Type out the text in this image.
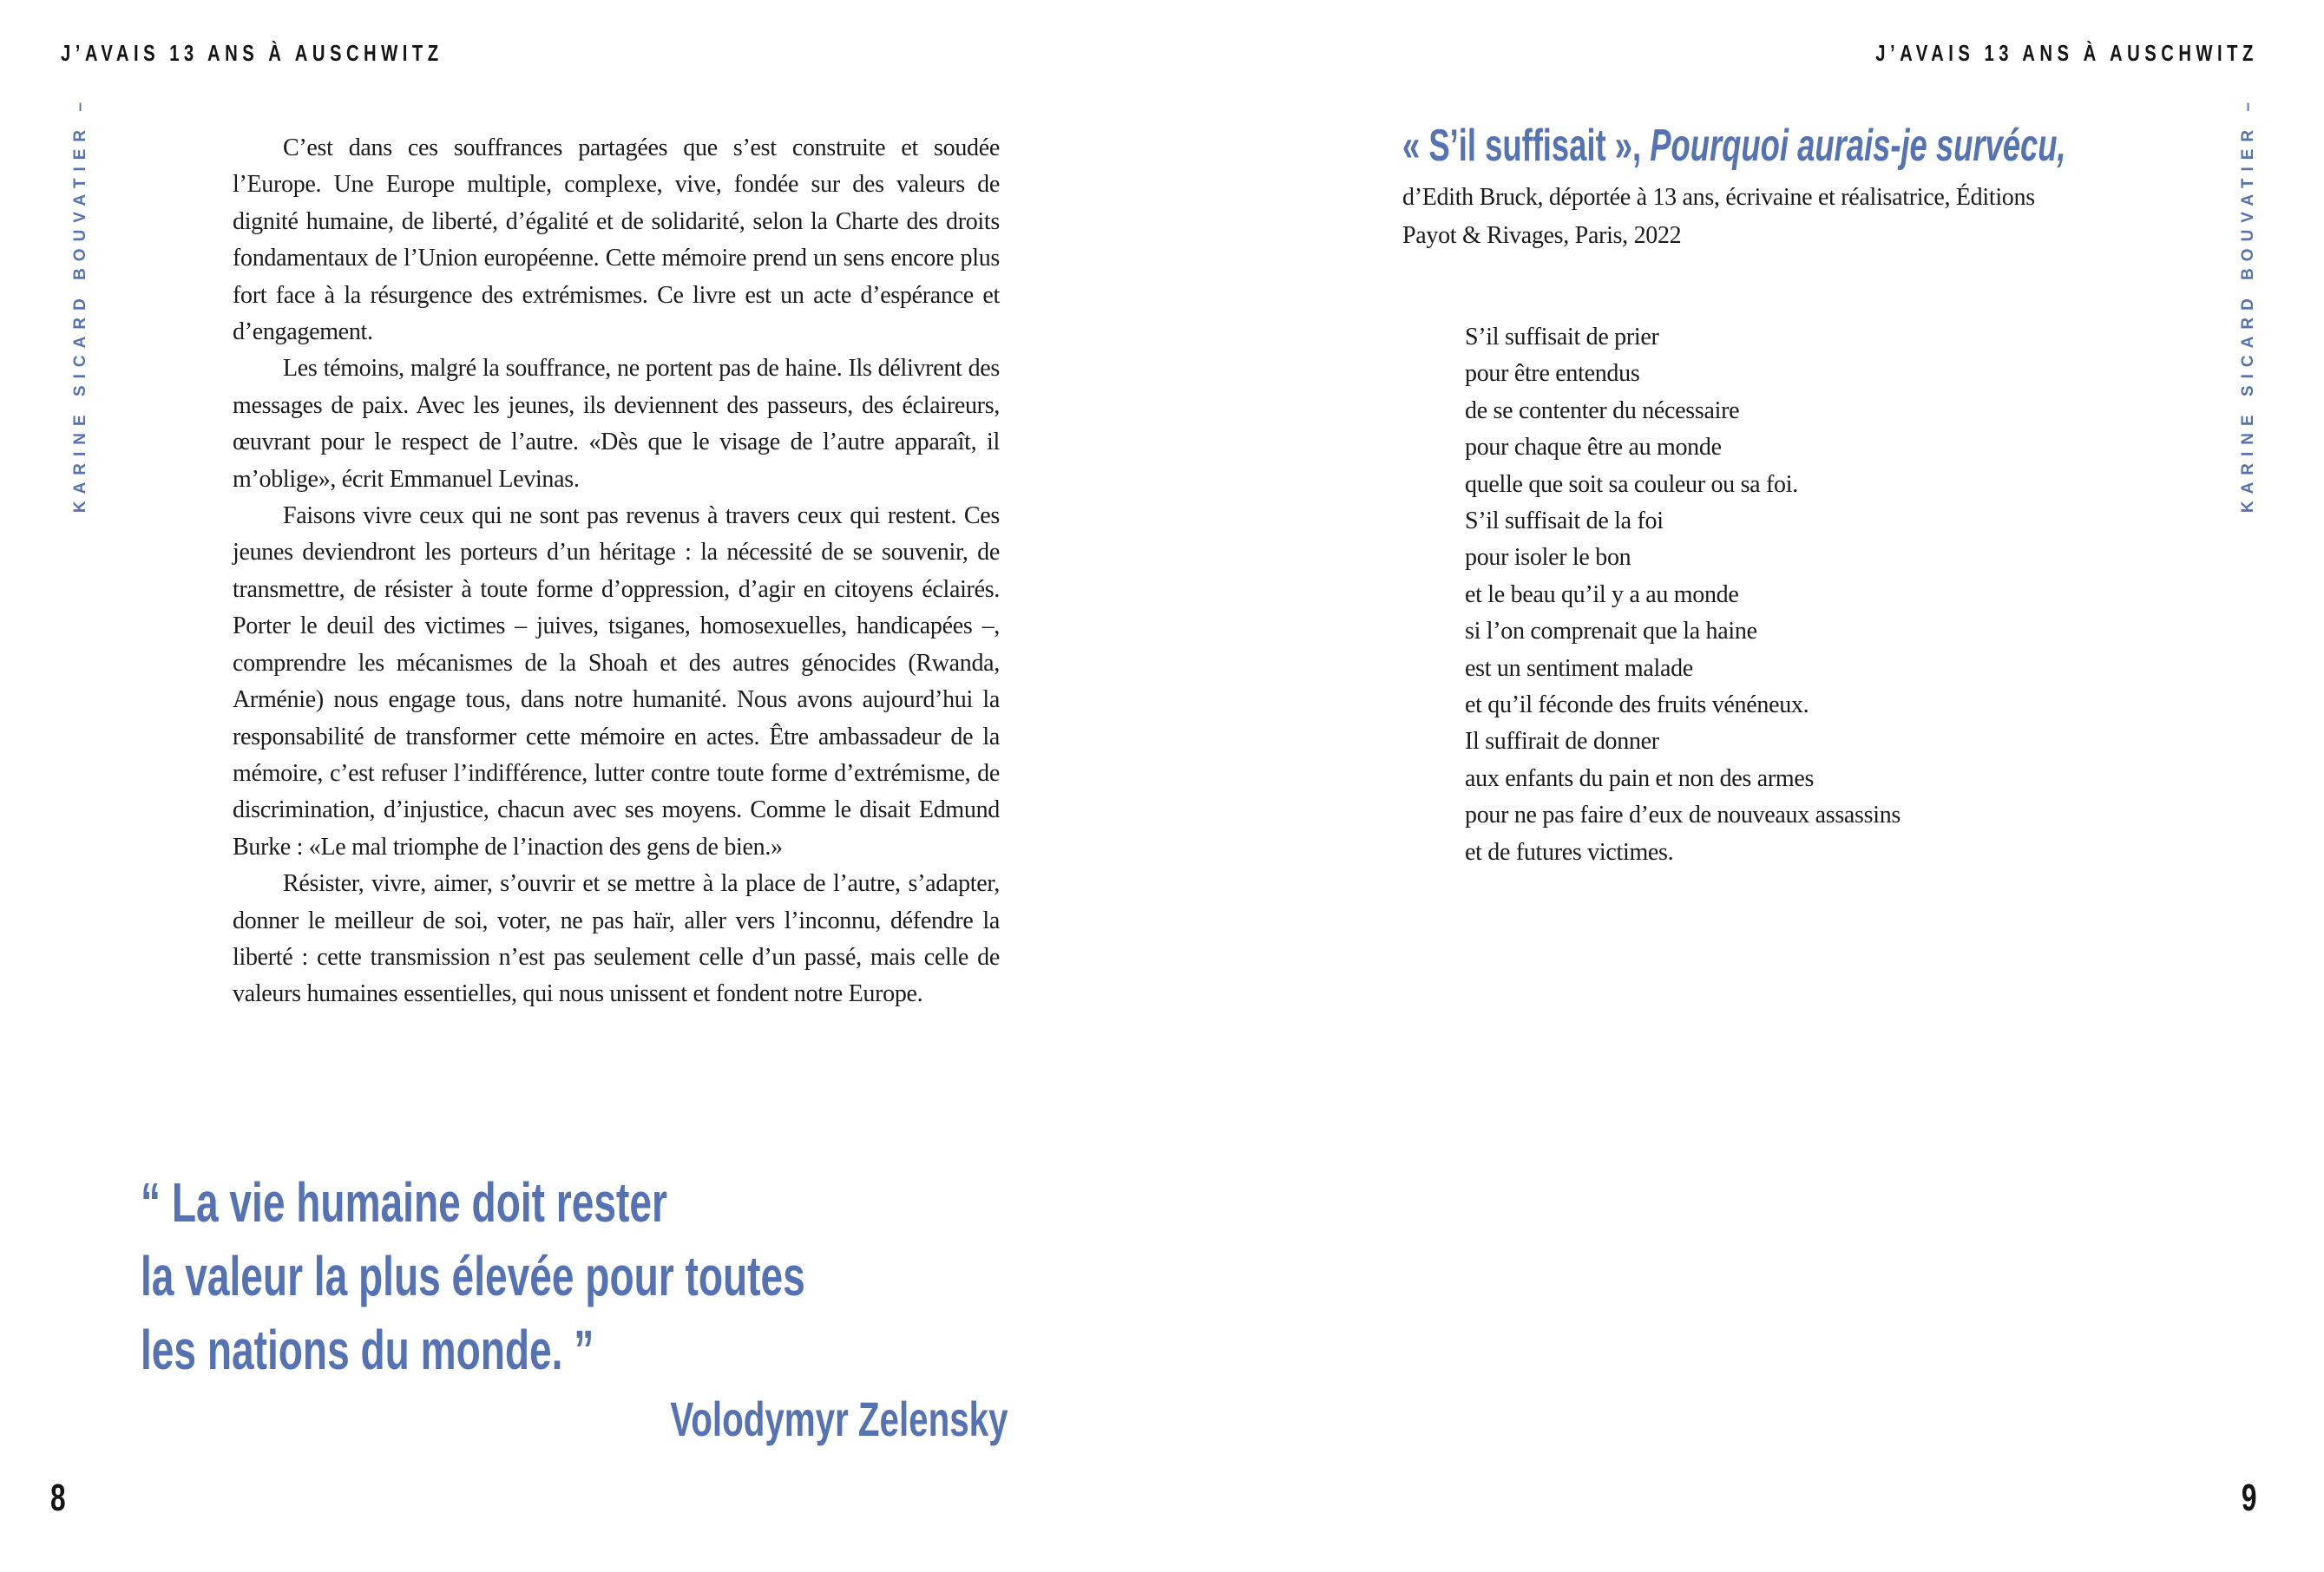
J’AVAIS 13 ANS À AUSCHWITZ	J’AVAIS 13 ANS À AUSCHWITZ
KARINE SICARD BOUVATIER –	KARINE SICARD BOUVATIER –

C’est dans ces souffrances partagées que s’est construite et soudée l’Europe. Une Europe multiple, complexe, vive, fondée sur des valeurs de dignité humaine, de liberté, d’égalité et de solidarité, selon la Charte des droits fondamentaux de l’Union européenne. Cette mémoire prend un sens encore plus fort face à la résurgence des extrémismes. Ce livre est un acte d’espérance et d’engagement.

Les témoins, malgré la souffrance, ne portent pas de haine. Ils délivrent des messages de paix. Avec les jeunes, ils deviennent des passeurs, des éclaireurs, œuvrant pour le respect de l’autre. «Dès que le visage de l’autre apparaît, il m’oblige», écrit Emmanuel Levinas.

Faisons vivre ceux qui ne sont pas revenus à travers ceux qui restent. Ces jeunes deviendront les porteurs d’un héritage : la nécessité de se souvenir, de transmettre, de résister à toute forme d’oppression, d’agir en citoyens éclairés. Porter le deuil des victimes – juives, tsiganes, homosexuelles, handicapées –, comprendre les mécanismes de la Shoah et des autres génocides (Rwanda, Arménie) nous engage tous, dans notre humanité. Nous avons aujourd’hui la responsabilité de transformer cette mémoire en actes. Être ambassadeur de la mémoire, c’est refuser l’indifférence, lutter contre toute forme d’extrémisme, de discrimination, d’injustice, chacun avec ses moyens. Comme le disait Edmund Burke : «Le mal triomphe de l’inaction des gens de bien.»

Résister, vivre, aimer, s’ouvrir et se mettre à la place de l’autre, s’adapter, donner le meilleur de soi, voter, ne pas haïr, aller vers l’inconnu, défendre la liberté : cette transmission n’est pas seulement celle d’un passé, mais celle de valeurs humaines essentielles, qui nous unissent et fondent notre Europe.

“ La vie humaine doit rester
la valeur la plus élevée pour toutes
les nations du monde. ”
Volodymyr Zelensky
« S’il suffisait », Pourquoi aurais-je survécu,
d’Edith Bruck, déportée à 13 ans, écrivaine et réalisatrice, Éditions
Payot & Rivages, Paris, 2022
S’il suffisait de prier
pour être entendus
de se contenter du nécessaire
pour chaque être au monde
quelle que soit sa couleur ou sa foi.
S’il suffisait de la foi
pour isoler le bon
et le beau qu’il y a au monde
si l’on comprenait que la haine
est un sentiment malade
et qu’il féconde des fruits vénéneux.
Il suffirait de donner
aux enfants du pain et non des armes
pour ne pas faire d’eux de nouveaux assassins
et de futures victimes.
8	9
